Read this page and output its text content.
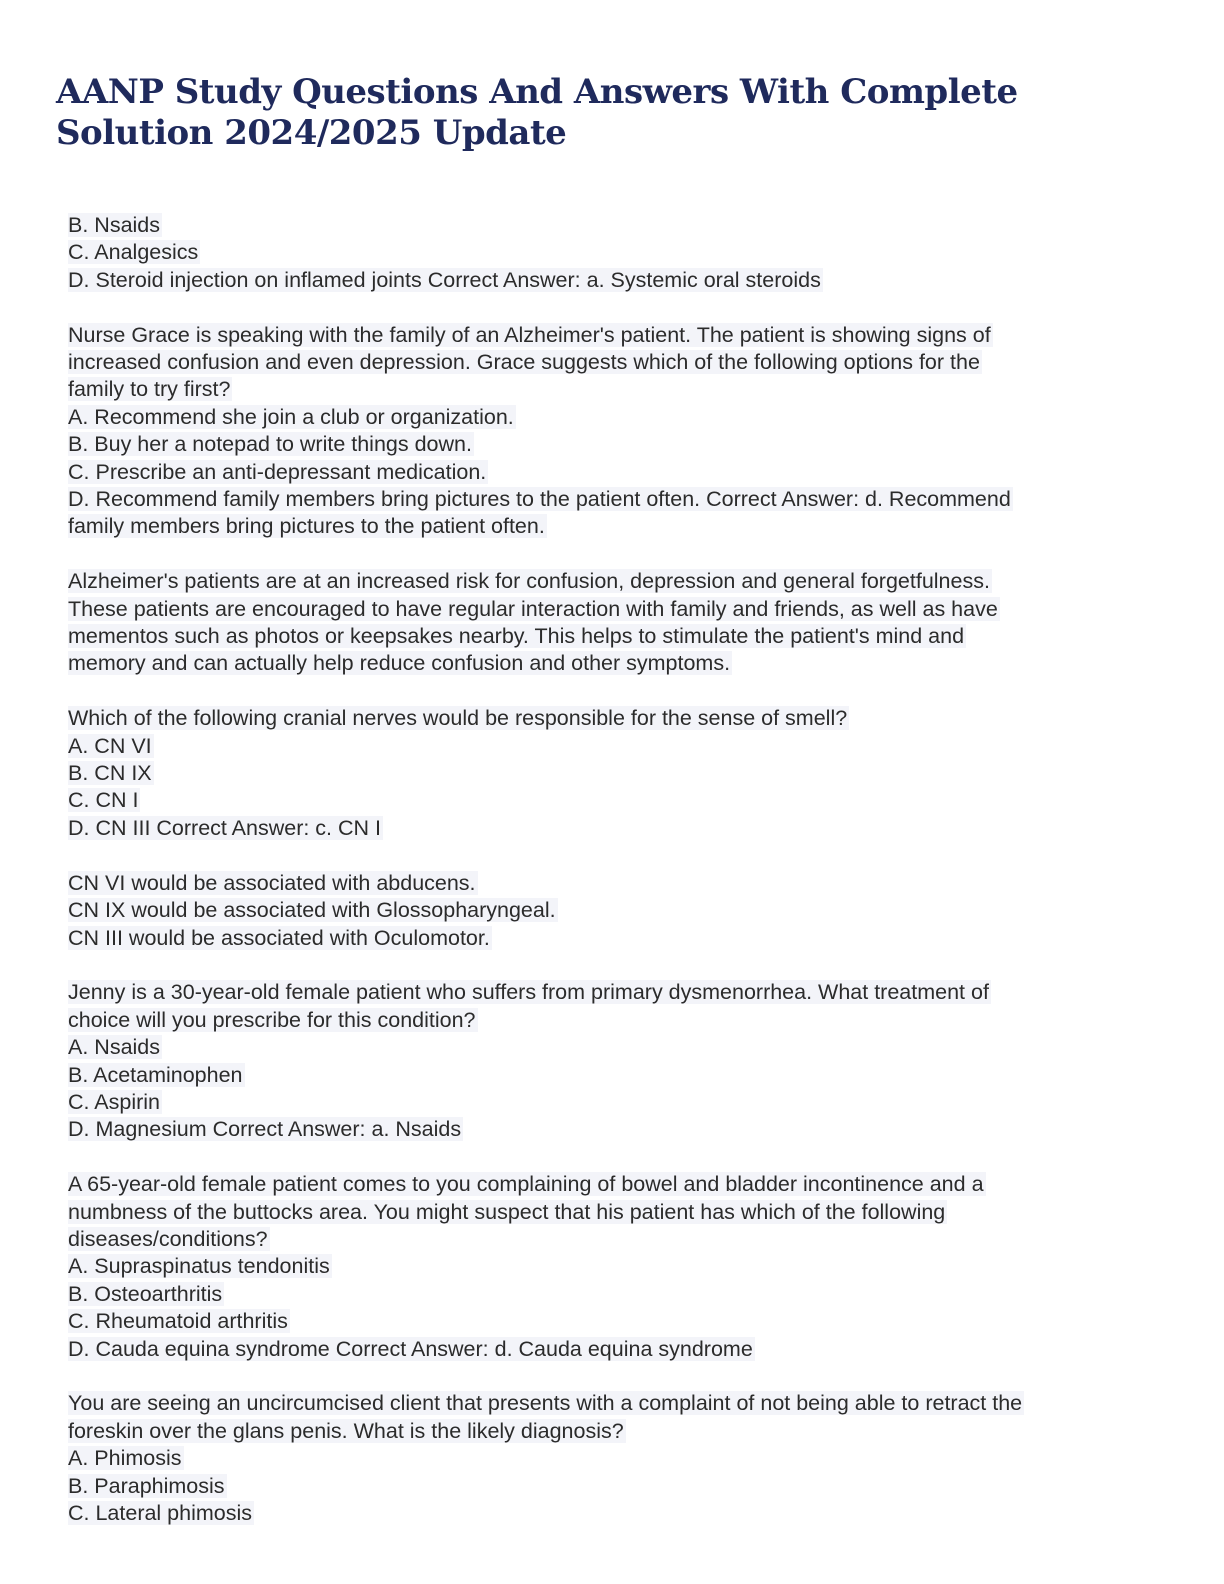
AANP Study Questions And Answers With Complete Solution 2024/2025 Update
B. Nsaids
C. Analgesics
D. Steroid injection on inflamed joints Correct Answer: a. Systemic oral steroids
Nurse Grace is speaking with the family of an Alzheimer's patient. The patient is showing signs of
increased confusion and even depression. Grace suggests which of the following options for the
family to try first?
A. Recommend she join a club or organization.
B. Buy her a notepad to write things down.
C. Prescribe an anti-depressant medication.
D. Recommend family members bring pictures to the patient often. Correct Answer: d. Recommend
family members bring pictures to the patient often.
Alzheimer's patients are at an increased risk for confusion, depression and general forgetfulness.
These patients are encouraged to have regular interaction with family and friends, as well as have
mementos such as photos or keepsakes nearby. This helps to stimulate the patient's mind and
memory and can actually help reduce confusion and other symptoms.
Which of the following cranial nerves would be responsible for the sense of smell?
A. CN VI
B. CN IX
C. CN I
D. CN III Correct Answer: c. CN I
CN VI would be associated with abducens.
CN IX would be associated with Glossopharyngeal.
CN III would be associated with Oculomotor.
Jenny is a 30-year-old female patient who suffers from primary dysmenorrhea. What treatment of
choice will you prescribe for this condition?
A. Nsaids
B. Acetaminophen
C. Aspirin
D. Magnesium Correct Answer: a. Nsaids
A 65-year-old female patient comes to you complaining of bowel and bladder incontinence and a
numbness of the buttocks area. You might suspect that his patient has which of the following
diseases/conditions?
A. Supraspinatus tendonitis
B. Osteoarthritis
C. Rheumatoid arthritis
D. Cauda equina syndrome Correct Answer: d. Cauda equina syndrome
You are seeing an uncircumcised client that presents with a complaint of not being able to retract the
foreskin over the glans penis. What is the likely diagnosis?
A. Phimosis
B. Paraphimosis
C. Lateral phimosis
